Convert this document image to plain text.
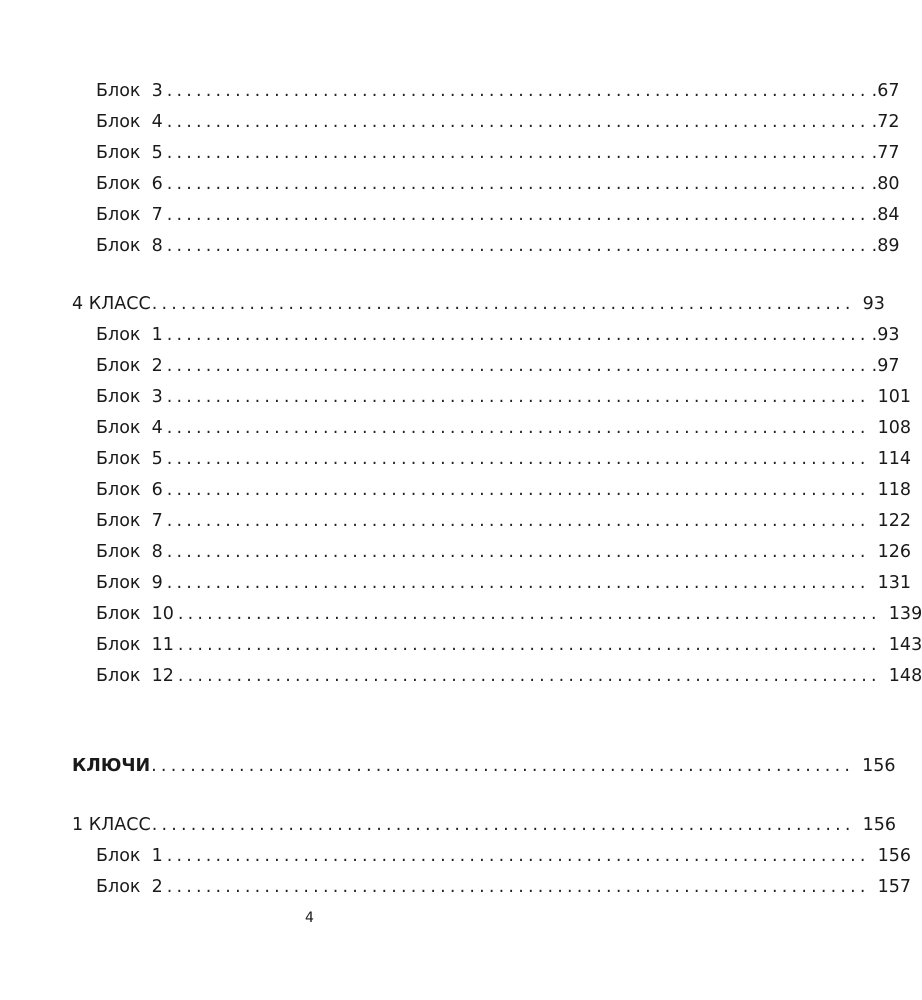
Блок  3 ........................................................................ .67
Блок  4 ........................................................................ .72
Блок  5 ........................................................................ .77
Блок  6 ........................................................................ .80
Блок  7 ........................................................................ .84
Блок  8 ........................................................................ .89
4 КЛАСС ........................................................................ 93
Блок  1 ........................................................................ .93
Блок  2 ........................................................................ .97
Блок  3 ........................................................................ 101
Блок  4 ........................................................................ 108
Блок  5 ........................................................................ 114
Блок  6 ........................................................................ 118
Блок  7 ........................................................................ 122
Блок  8 ........................................................................ 126
Блок  9 ........................................................................ 131
Блок  10 ........................................................................ 139
Блок  11 ........................................................................ 143
Блок  12 ........................................................................ 148
КЛЮЧИ ........................................................................ 156
1 КЛАСС ........................................................................ 156
Блок  1 ........................................................................ 156
Блок  2 ........................................................................ 157
4
